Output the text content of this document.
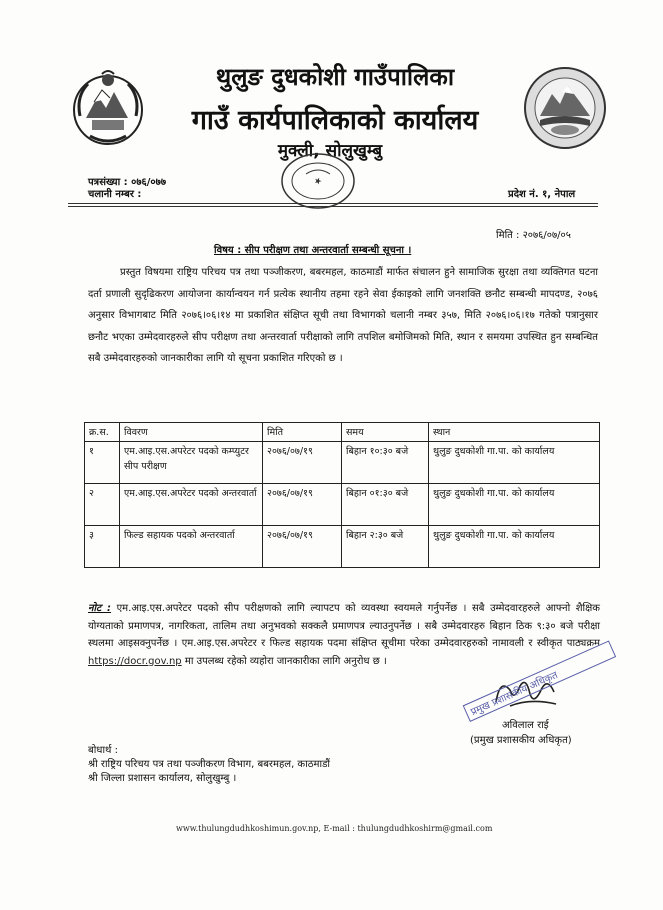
थुलुङ दुधकोशी गाउँपालिका
गाउँ कार्यपालिकाको कार्यालय
मुक्ली, सोलुखुम्बु
★
पत्रसंख्या : ०७६/०७७
चलानी नम्बर :	प्रदेश नं. १, नेपाल
मिति : २०७६/०७/०५
विषय : सीप परीक्षण तथा अन्तरवार्ता सम्बन्धी सूचना ।
प्रस्तुत विषयमा राष्ट्रिय परिचय पत्र तथा पञ्जीकरण, बबरमहल, काठमाडौं मार्फत संचालन हुने सामाजिक सुरक्षा तथा व्यक्तिगत घटना दर्ता प्रणाली सुदृढिकरण आयोजना कार्यान्वयन गर्न प्रत्येक स्थानीय तहमा रहने सेवा ईकाइको लागि जनशक्ति छनौट सम्बन्धी मापदण्ड, २०७६ अनुसार विभागबाट मिति २०७६।०६।१४ मा प्रकाशित संक्षिप्त सूची तथा विभागको चलानी नम्बर ३५७, मिति २०७६।०६।१७ गतेको पत्रानुसार छनौट भएका उम्मेदवारहरुले सीप परीक्षण तथा अन्तरवार्ता परीक्षाको लागि तपशिल बमोजिमको मिति, स्थान र समयमा उपस्थित हुन सम्बन्धित सबै उम्मेदवारहरुको जानकारीका लागि यो सूचना प्रकाशित गरिएको छ ।
क्र.स.	विवरण	मिति	समय	स्थान
१	एम.आइ.एस.अपरेटर पदको कम्प्युटर सीप परीक्षण	२०७६/०७/१९	बिहान १०:३० बजे	थुलुङ दुधकोशी गा.पा. को कार्यालय
२	एम.आइ.एस.अपरेटर पदको अन्तरवार्ता	२०७६/०७/१९	बिहान ०१:३० बजे	थुलुङ दुधकोशी गा.पा. को कार्यालय
३	फिल्ड सहायक पदको अन्तरवार्ता	२०७६/०७/१९	बिहान २:३० बजे	थुलुङ दुधकोशी गा.पा. को कार्यालय
नोट : एम.आइ.एस.अपरेटर पदको सीप परीक्षणको लागि ल्यापटप को व्यवस्था स्वयमले गर्नुपर्नेछ । सबै उम्मेदवारहरुले आफ्नो शैक्षिक योग्यताको प्रमाणपत्र, नागरिकता, तालिम तथा अनुभवको सक्कलै प्रमाणपत्र ल्याउनुपर्नेछ । सबै उम्मेदवारहरु बिहान ठिक ९:३० बजे परीक्षा स्थलमा आइसक्नुपर्नेछ । एम.आइ.एस.अपरेटर र फिल्ड सहायक पदमा संक्षिप्त सूचीमा परेका उम्मेदवारहरुको नामावली र स्वीकृत पाठ्यक्रम https://docr.gov.np मा उपलब्ध रहेको व्यहोरा जानकारीका लागि अनुरोध छ ।
प्रमुख प्रशासकीय अधिकृत
अविलाल राई
(प्रमुख प्रशासकीय अधिकृत)
बोधार्थ :
श्री राष्ट्रिय परिचय पत्र तथा पञ्जीकरण विभाग, बबरमहल, काठमाडौं
श्री जिल्ला प्रशासन कार्यालय, सोलुखुम्बु ।
www.thulungdudhkoshimun.gov.np, E-mail : thulungdudhkoshirm@gmail.com
